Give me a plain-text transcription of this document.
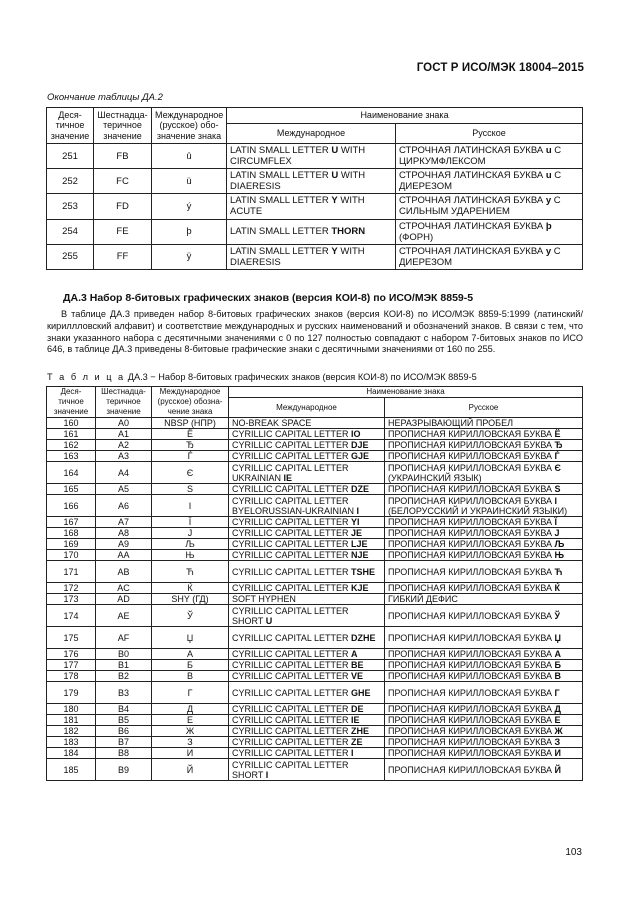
ГОСТ Р ИСО/МЭК 18004–2015
Окончание таблицы ДА.2
Деся-тичное значение	Шестнадца-теричное значение	Международное (русское) обо-значение знака	Наименование знака	
			Международное	Русское
251	FB	û	LATIN SMALL LETTER U WITH CIRCUMFLEX	СТРОЧНАЯ ЛАТИНСКАЯ БУКВА u С ЦИРКУМФЛЕКСОМ
252	FC	ü	LATIN SMALL LETTER U WITH DIAERESIS	СТРОЧНАЯ ЛАТИНСКАЯ БУКВА u С ДИЕРЕЗОМ
253	FD	ý	LATIN SMALL LETTER Y WITH ACUTE	СТРОЧНАЯ ЛАТИНСКАЯ БУКВА y С СИЛЬНЫМ УДАРЕНИЕМ
254	FE	þ	LATIN SMALL LETTER THORN	СТРОЧНАЯ ЛАТИНСКАЯ БУКВА þ (ФОРН)
255	FF	ÿ	LATIN SMALL LETTER Y WITH DIAERESIS	СТРОЧНАЯ ЛАТИНСКАЯ БУКВА y С ДИЕРЕЗОМ
ДА.3 Набор 8-битовых графических знаков (версия КОИ-8) по ИСО/МЭК 8859-5

В таблице ДА.3 приведен набор 8-битовых графических знаков (версия КОИ-8) по ИСО/МЭК 8859-5:1999 (латинский/кириллловский алфавит) и соответствие международных и русских наименований и обозначений знаков. В связи с тем, что знаки указанного набора с десятичными значениями с 0 по 127 полностью совпадают с набором 7-битовых знаков по ИСО 646, в таблице ДА.3 приведены 8-битовые графические знаки с десятичными значениями от 160 по 255.

Т а б л и ц а ДА.3 − Набор 8-битовых графических знаков (версия КОИ-8) по ИСО/МЭК 8859-5
Деся-тичное значение	Шестнадца-теричное значение	Международное (русское) обозна-чение знака	Наименование знака	
			Международное	Русское
160	A0	NBSP (НПР)	NO-BREAK SPACE	НЕРАЗРЫВАЮЩИЙ ПРОБЕЛ
161	A1	Ё	CYRILLIC CAPITAL LETTER IO	ПРОПИСНАЯ КИРИЛЛОВСКАЯ БУКВА Ё
162	A2	Ђ	CYRILLIC CAPITAL LETTER DJE	ПРОПИСНАЯ КИРИЛЛОВСКАЯ БУКВА Ђ
163	A3	Ѓ	CYRILLIC CAPITAL LETTER GJE	ПРОПИСНАЯ КИРИЛЛОВСКАЯ БУКВА Ѓ
164	A4	Є	CYRILLIC CAPITAL LETTER UKRAINIAN IE	ПРОПИСНАЯ КИРИЛЛОВСКАЯ БУКВА Є (УКРАИНСКИЙ ЯЗЫК)
165	A5	Ѕ	CYRILLIC CAPITAL LETTER DZE	ПРОПИСНАЯ КИРИЛЛОВСКАЯ БУКВА S
166	A6	І	CYRILLIC CAPITAL LETTER BYELORUSSIAN-UKRAINIAN I	ПРОПИСНАЯ КИРИЛЛОВСКАЯ БУКВА I (БЕЛОРУССКИЙ И УКРАИНСКИЙ ЯЗЫКИ)
167	A7	Ї	CYRILLIC CAPITAL LETTER YI	ПРОПИСНАЯ КИРИЛЛОВСКАЯ БУКВА Ї
168	A8	J	CYRILLIC CAPITAL LETTER JE	ПРОПИСНАЯ КИРИЛЛОВСКАЯ БУКВА J
169	A9	Љ	CYRILLIC CAPITAL LETTER LJE	ПРОПИСНАЯ КИРИЛЛОВСКАЯ БУКВА Љ
170	AA	Њ	CYRILLIC CAPITAL LETTER NJE	ПРОПИСНАЯ КИРИЛЛОВСКАЯ БУКВА Њ
171	AB	Ћ	CYRILLIC CAPITAL LETTER TSHE	ПРОПИСНАЯ КИРИЛЛОВСКАЯ БУКВА Ћ
172	AC	Ќ	CYRILLIC CAPITAL LETTER KJE	ПРОПИСНАЯ КИРИЛЛОВСКАЯ БУКВА Ќ
173	AD	SHY (ГД)	SOFT HYPHEN	ГИБКИЙ ДЕФИС
174	AE	Ў	CYRILLIC CAPITAL LETTER SHORT U	ПРОПИСНАЯ КИРИЛЛОВСКАЯ БУКВА Ў
175	AF	Џ	CYRILLIC CAPITAL LETTER DZHE	ПРОПИСНАЯ КИРИЛЛОВСКАЯ БУКВА Џ
176	B0	А	CYRILLIC CAPITAL LETTER A	ПРОПИСНАЯ КИРИЛЛОВСКАЯ БУКВА А
177	B1	Б	CYRILLIC CAPITAL LETTER BE	ПРОПИСНАЯ КИРИЛЛОВСКАЯ БУКВА Б
178	B2	В	CYRILLIC CAPITAL LETTER VE	ПРОПИСНАЯ КИРИЛЛОВСКАЯ БУКВА В
179	B3	Г	CYRILLIC CAPITAL LETTER GHE	ПРОПИСНАЯ КИРИЛЛОВСКАЯ БУКВА Г
180	B4	Д	CYRILLIC CAPITAL LETTER DE	ПРОПИСНАЯ КИРИЛЛОВСКАЯ БУКВА Д
181	B5	Е	CYRILLIC CAPITAL LETTER IE	ПРОПИСНАЯ КИРИЛЛОВСКАЯ БУКВА Е
182	B6	Ж	CYRILLIC CAPITAL LETTER ZHE	ПРОПИСНАЯ КИРИЛЛОВСКАЯ БУКВА Ж
183	B7	З	CYRILLIC CAPITAL LETTER ZE	ПРОПИСНАЯ КИРИЛЛОВСКАЯ БУКВА З
184	B8	И	CYRILLIC CAPITAL LETTER I	ПРОПИСНАЯ КИРИЛЛОВСКАЯ БУКВА И
185	B9	Й	CYRILLIC CAPITAL LETTER SHORT I	ПРОПИСНАЯ КИРИЛЛОВСКАЯ БУКВА Й
103
